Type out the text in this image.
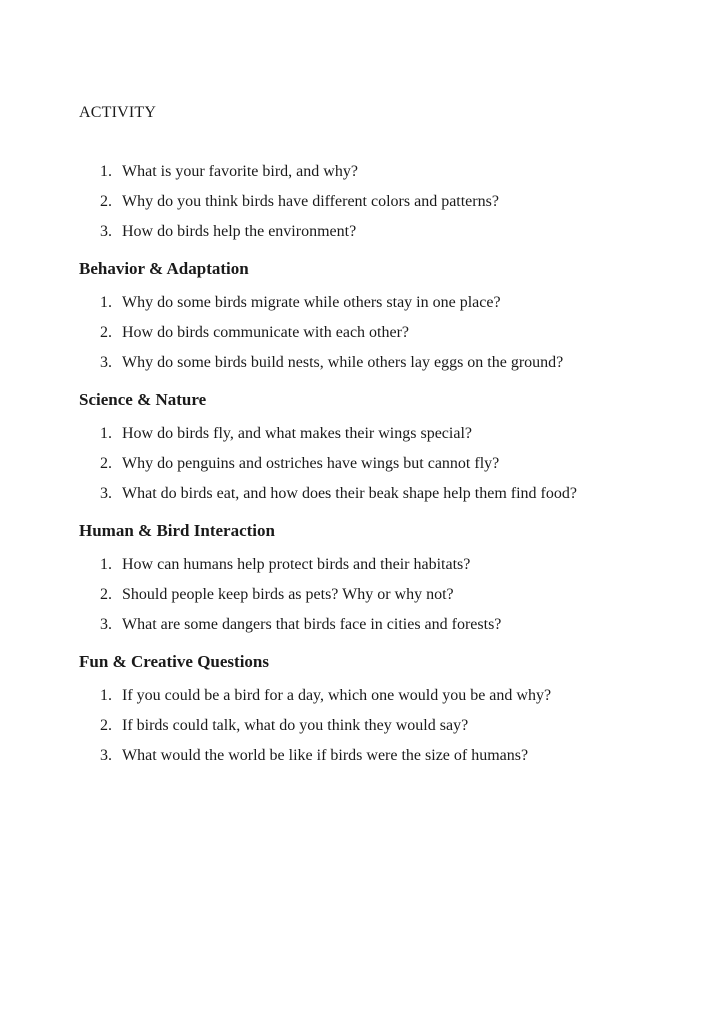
ACTIVITY

1. What is your favorite bird, and why?
2. Why do you think birds have different colors and patterns?
3. How do birds help the environment?
Behavior & Adaptation
1. Why do some birds migrate while others stay in one place?
2. How do birds communicate with each other?
3. Why do some birds build nests, while others lay eggs on the ground?
Science & Nature
1. How do birds fly, and what makes their wings special?
2. Why do penguins and ostriches have wings but cannot fly?
3. What do birds eat, and how does their beak shape help them find food?
Human & Bird Interaction
1. How can humans help protect birds and their habitats?
2. Should people keep birds as pets? Why or why not?
3. What are some dangers that birds face in cities and forests?
Fun & Creative Questions
1. If you could be a bird for a day, which one would you be and why?
2. If birds could talk, what do you think they would say?
3. What would the world be like if birds were the size of humans?
